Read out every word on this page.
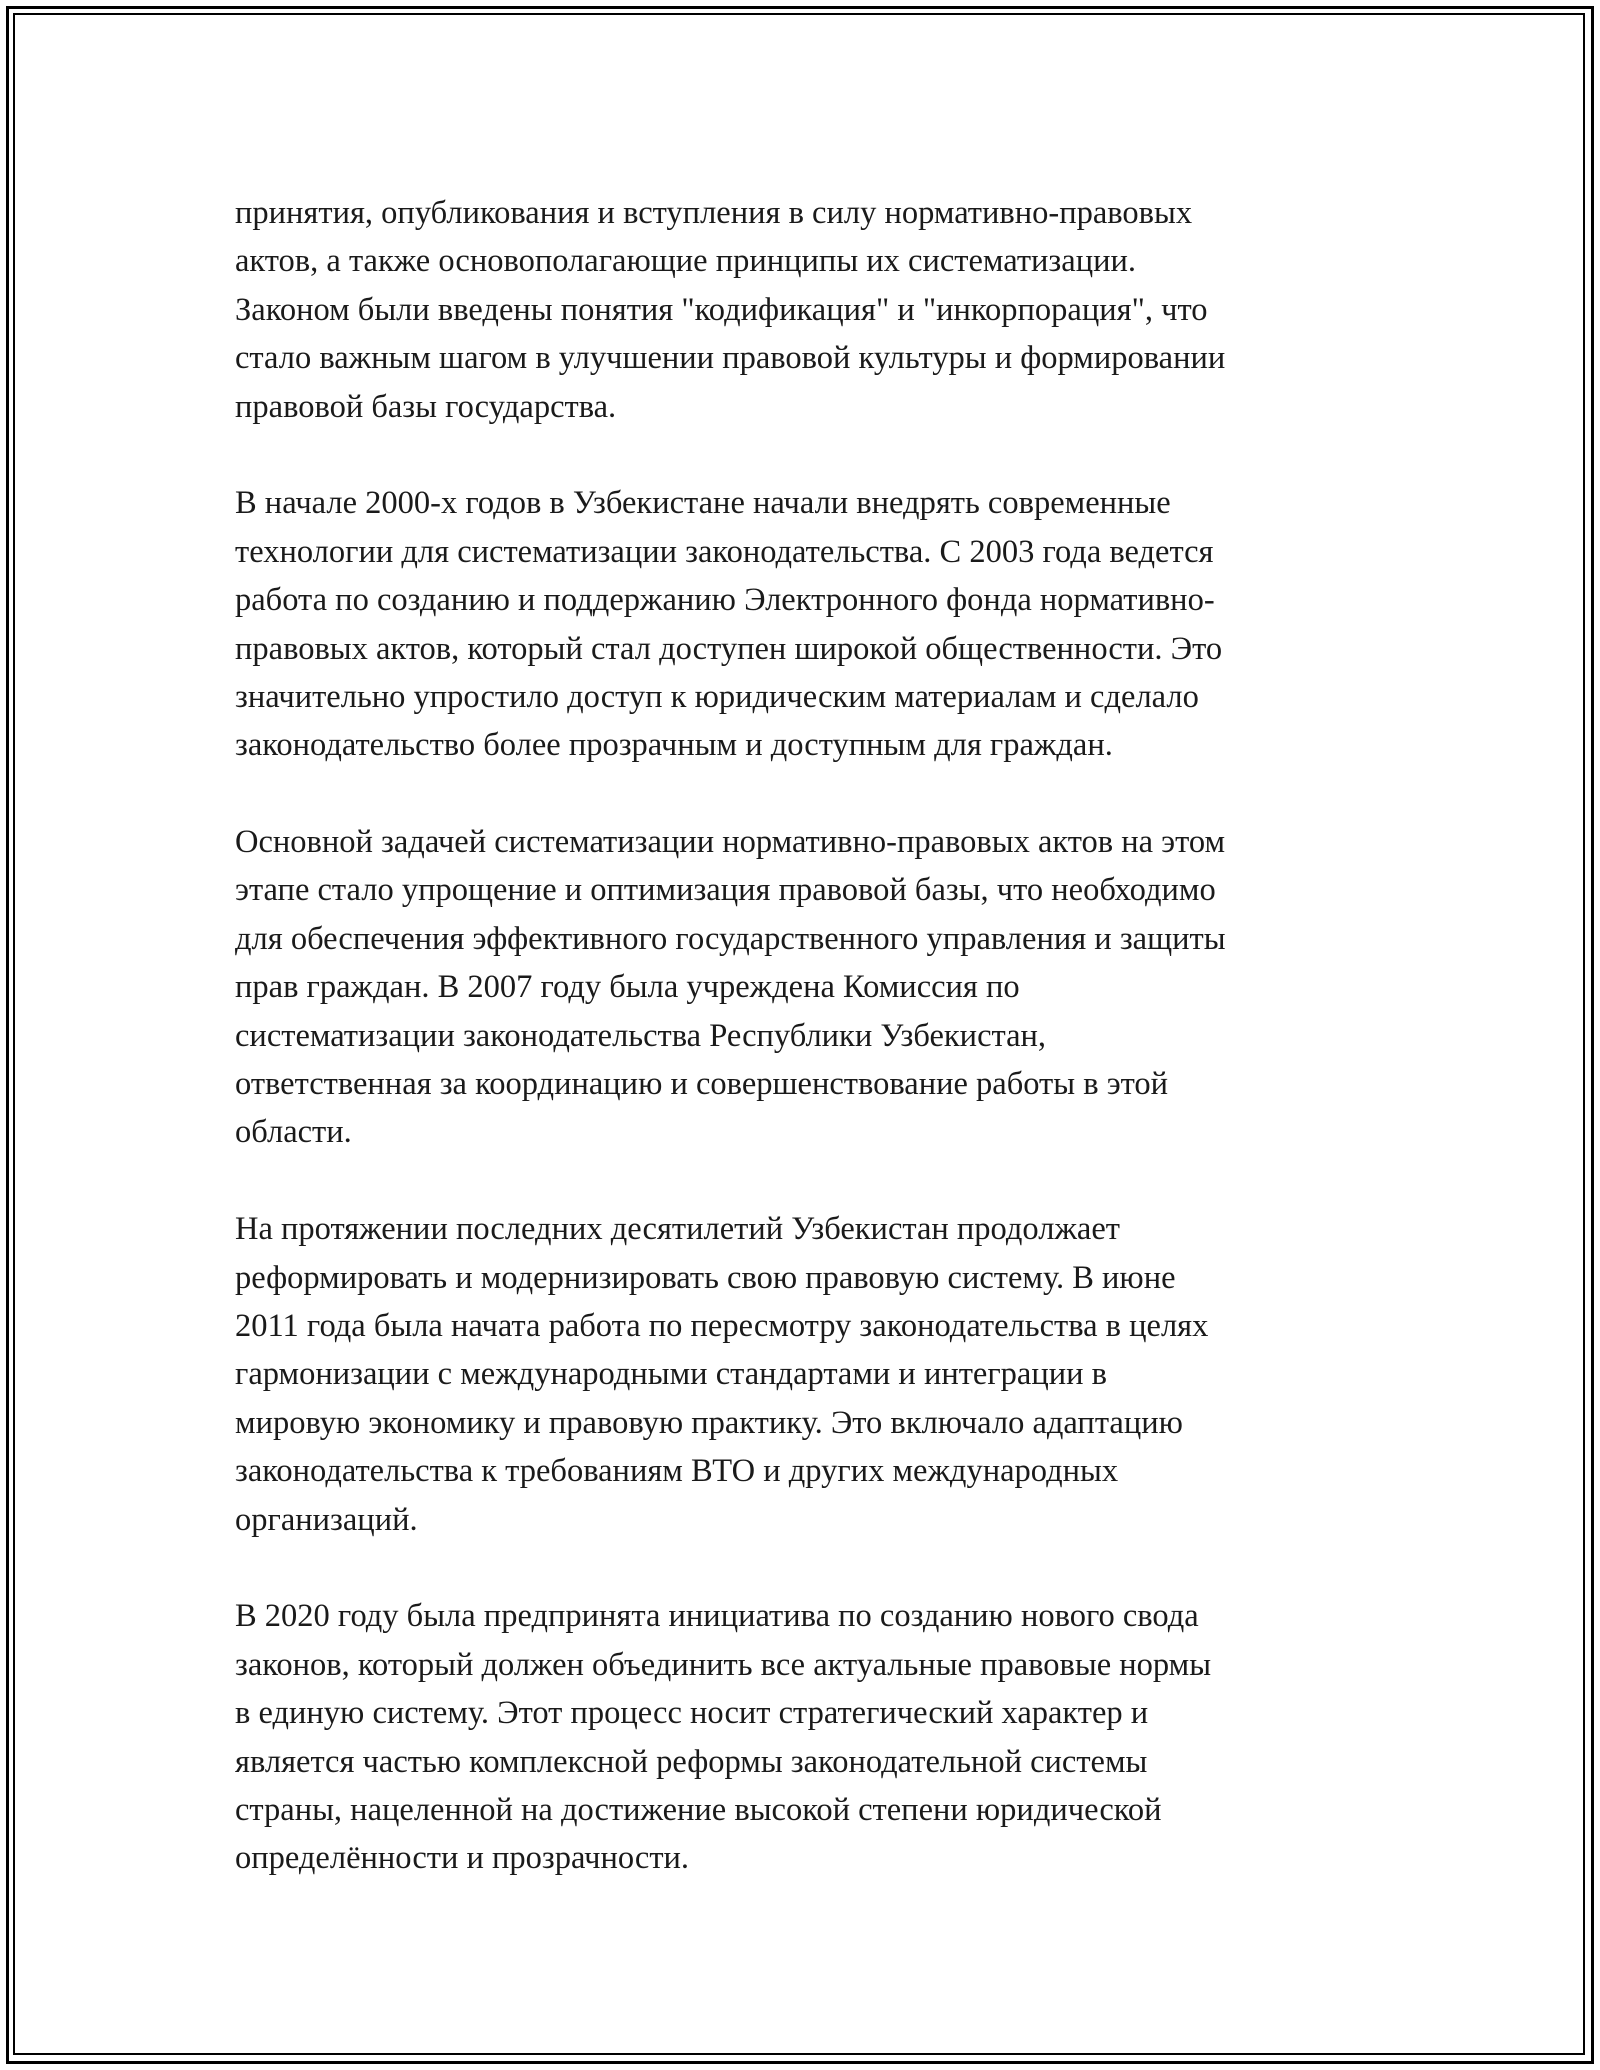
принятия, опубликования и вступления в силу нормативно-правовых
актов, а также основополагающие принципы их систематизации.
Законом были введены понятия "кодификация" и "инкорпорация", что
стало важным шагом в улучшении правовой культуры и формировании
правовой базы государства.
В начале 2000-х годов в Узбекистане начали внедрять современные
технологии для систематизации законодательства. С 2003 года ведется
работа по созданию и поддержанию Электронного фонда нормативно-
правовых актов, который стал доступен широкой общественности. Это
значительно упростило доступ к юридическим материалам и сделало
законодательство более прозрачным и доступным для граждан.
Основной задачей систематизации нормативно-правовых актов на этом
этапе стало упрощение и оптимизация правовой базы, что необходимо
для обеспечения эффективного государственного управления и защиты
прав граждан. В 2007 году была учреждена Комиссия по
систематизации законодательства Республики Узбекистан,
ответственная за координацию и совершенствование работы в этой
области.
На протяжении последних десятилетий Узбекистан продолжает
реформировать и модернизировать свою правовую систему. В июне
2011 года была начата работа по пересмотру законодательства в целях
гармонизации с международными стандартами и интеграции в
мировую экономику и правовую практику. Это включало адаптацию
законодательства к требованиям ВТО и других международных
организаций.
В 2020 году была предпринята инициатива по созданию нового свода
законов, который должен объединить все актуальные правовые нормы
в единую систему. Этот процесс носит стратегический характер и
является частью комплексной реформы законодательной системы
страны, нацеленной на достижение высокой степени юридической
определённости и прозрачности.
